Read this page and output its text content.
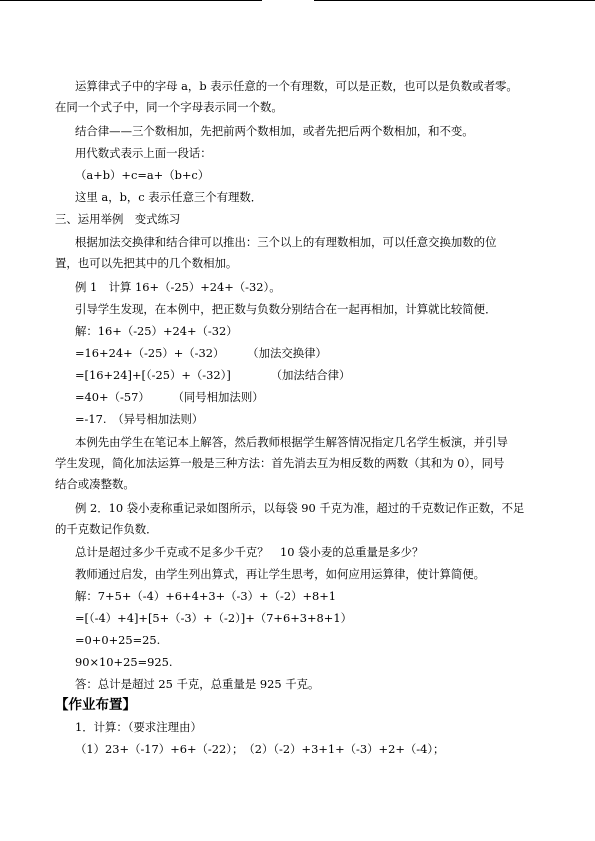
运算律式子中的字母 a，b 表示任意的一个有理数，可以是正数，也可以是负数或者零。

在同一个式子中，同一个字母表示同一个数。

结合律——三个数相加，先把前两个数相加，或者先把后两个数相加，和不变。

用代数式表示上面一段话：

（a+b）+c=a+（b+c）

这里 a，b，c 表示任意三个有理数．

三、运用举例　变式练习

根据加法交换律和结合律可以推出：三个以上的有理数相加，可以任意交换加数的位

置，也可以先把其中的几个数相加。

例 1　计算 16+（-25）+24+（-32）。

引导学生发现，在本例中，把正数与负数分别结合在一起再相加，计算就比较简便．

解：16+（-25）+24+（-32）

=16+24+（-25）+（-32）　　　（加法交换律）

=[16+24]+[（-25）+（-32）]　　　　（加法结合律）

=40+（-57）　　　（同号相加法则）

=-17.　（异号相加法则）

本例先由学生在笔记本上解答，然后教师根据学生解答情况指定几名学生板演，并引导

学生发现，简化加法运算一般是三种方法：首先消去互为相反数的两数（其和为 0），同号

结合或凑整数。

例 2．10 袋小麦称重记录如图所示，以每袋 90 千克为准，超过的千克数记作正数，不足

的千克数记作负数．

总计是超过多少千克或不足多少千克？　10 袋小麦的总重量是多少？

教师通过启发，由学生列出算式，再让学生思考，如何应用运算律，使计算简便。

解：7+5+（-4）+6+4+3+（-3）+（-2）+8+1

=[（-4）+4]+[5+（-3）+（-2）]+（7+6+3+8+1）

=0+0+25=25.

90×10+25=925.

答：总计是超过 25 千克，总重量是 925 千克。

【作业布置】

1．计算：（要求注理由）

（1）23+（-17）+6+（-22）；　（2）（-2）+3+1+（-3）+2+（-4）；
